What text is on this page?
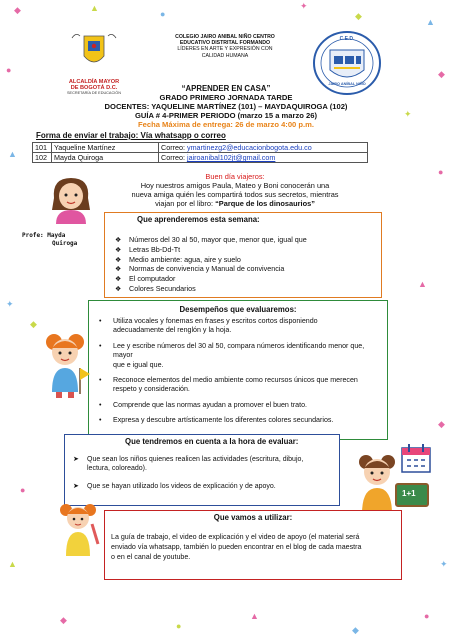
◆	▲
●
✦
◆
▲
●	◆
✦
▲
●
◆
▲
✦
◆
●
▲	✦
◆
●
▲
◆
●
ALCALDÍA MAYOR
DE BOGOTÁ D.C.
SECRETARÍA DE EDUCACIÓN
COLEGIO JAIRO ANIBAL NIÑO CENTRO
EDUCATIVO DISTRITAL FORMANDO
LÍDERES EN ARTE Y EXPRESIÓN CON
CALIDAD HUMANA
C.E.D.
JAIRO ANÍBAL NIÑO
“APRENDER EN CASA”
GRADO PRIMERO JORNADA TARDE
DOCENTES: YAQUELINE MARTÍNEZ (101) – MAYDAQUIROGA (102)
GUÍA # 4-PRIMER PERIODO (marzo 15 a marzo 26)
Fecha Máxima de entrega: 26 de marzo 4:00 p.m.
Forma de enviar el trabajo: Vía whatsapp o correo
101	Yaqueline Martínez	Correo: ymartinezg2@educacionbogota.edu.co
102	Mayda Quiroga	Correo: jairoanibal102jt@gmail.com
Buen día viajeros:
Hoy nuestros amigos Paula, Mateo y Boni conocerán una
nueva amiga quién les compartirá todos sus secretos, mientras
viajan por el libro: “Parque de los dinosaurios”
Profe: Mayda
Quiroga
Que aprenderemos esta semana:
❖ Números del 30 al 50, mayor que, menor que, igual que
❖ Letras Bb-Dd-Tt
❖ Medio ambiente: agua, aire y suelo
❖ Normas de convivencia y Manual de convivencia
❖ El computador
❖ Colores Secundarios
Desempeños que evaluaremos:
• Utiliza vocales y fonemas en frases y escritos cortos disponiendo
adecuadamente del renglón y la hoja.
• Lee y escribe números del 30 al 50, compara números identificando menor que, mayor
que e igual que.
• Reconoce elementos del medio ambiente como recursos únicos que merecen
respeto y consideración.
• Comprende que las normas ayudan a promover el buen trato.
• Expresa y descubre artísticamente los diferentes colores secundarios.
Que tendremos en cuenta a la hora de evaluar:
➤ Que sean los niños quienes realicen las actividades (escritura, dibujo,
lectura, coloreado).
➤ Que se hayan utilizado los videos de explicación y de apoyo.
1+1
Que vamos a utilizar:
La guía de trabajo, el video de explicación y el video de apoyo (el material será
enviado vía whatsapp, también lo pueden encontrar en el blog de cada maestra
o en el canal de youtube.
